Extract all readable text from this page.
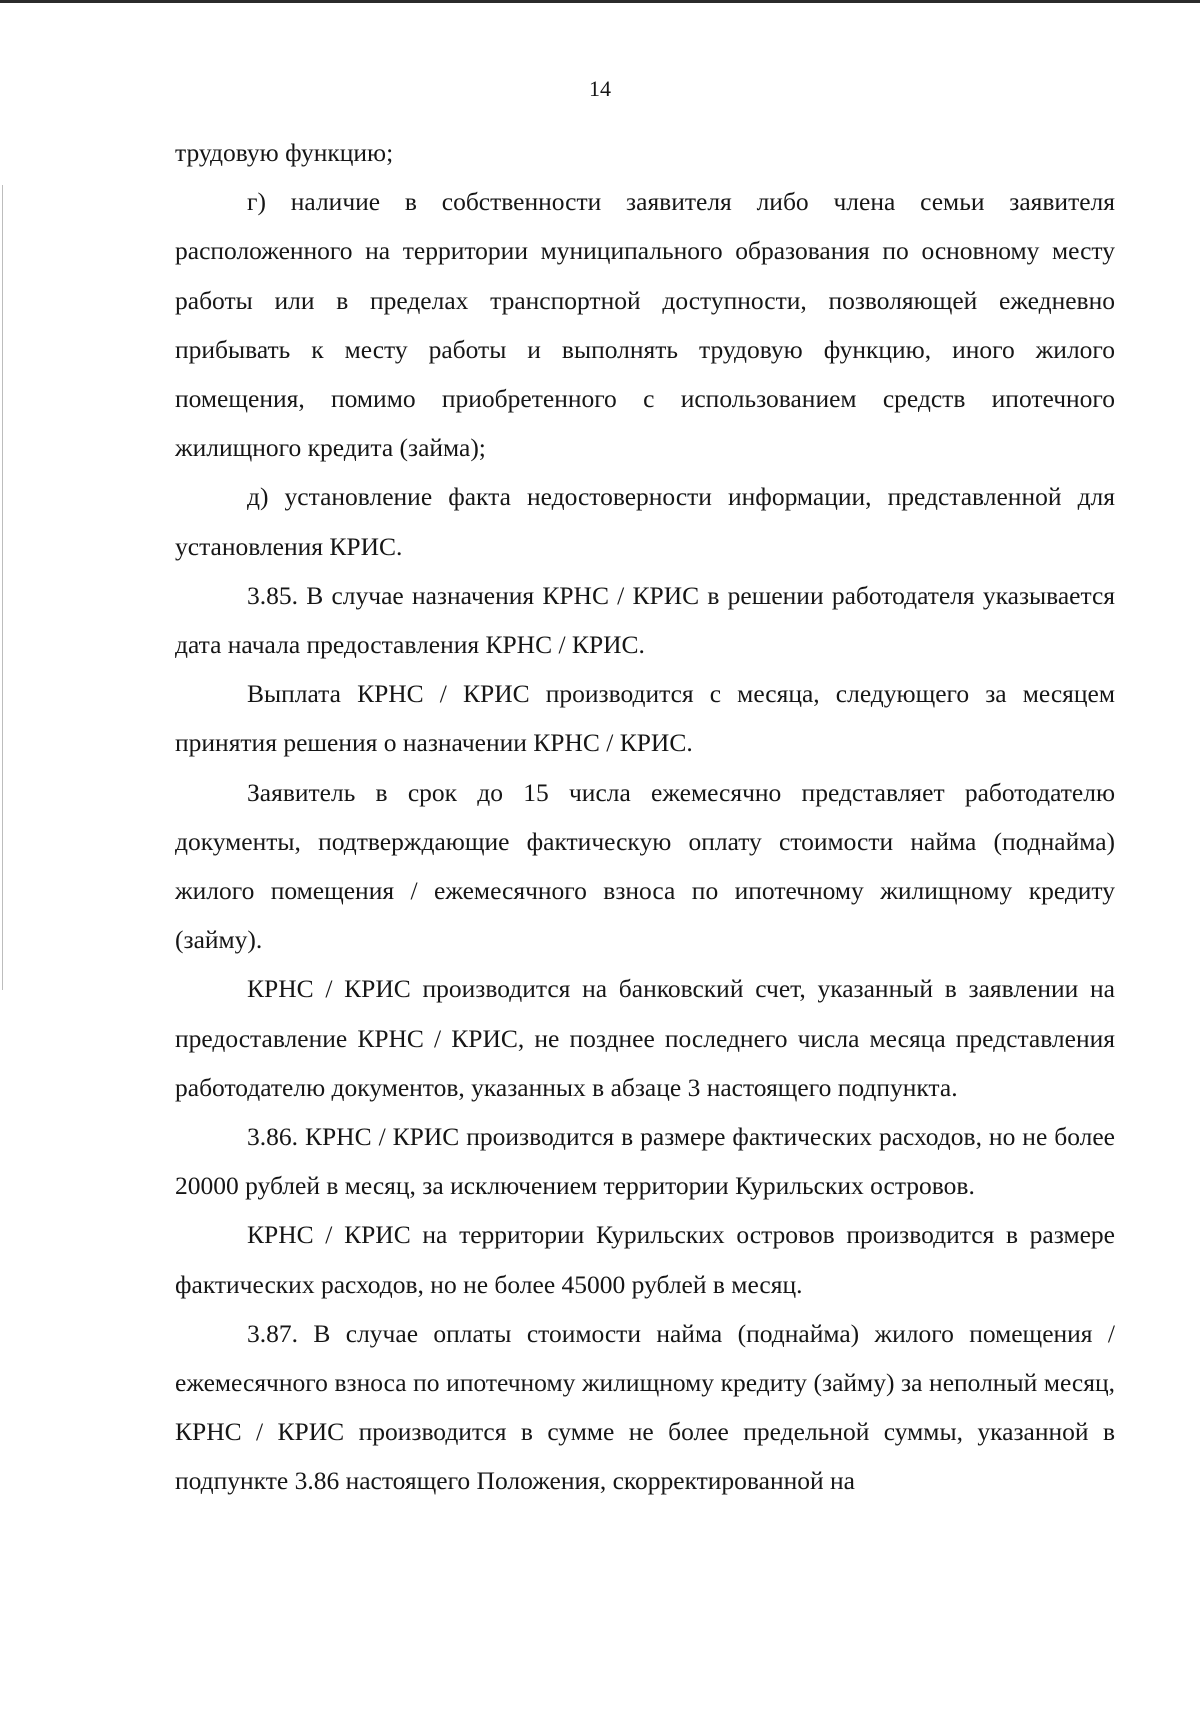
14

трудовую функцию;

г) наличие в собственности заявителя либо члена семьи заявителя расположенного на территории муниципального образования по основному месту работы или в пределах транспортной доступности, позволяющей ежедневно прибывать к месту работы и выполнять трудовую функцию, иного жилого помещения, помимо приобретенного с использованием средств ипотечного жилищного кредита (займа);

д) установление факта недостоверности информации, представленной для установления КРИС.

3.85. В случае назначения КРНС / КРИС в решении работодателя указывается дата начала предоставления КРНС / КРИС.

Выплата КРНС / КРИС производится с месяца, следующего за месяцем принятия решения о назначении КРНС / КРИС.

Заявитель в срок до 15 числа ежемесячно представляет работодателю документы, подтверждающие фактическую оплату стоимости найма (поднайма) жилого помещения / ежемесячного взноса по ипотечному жилищному кредиту (займу).

КРНС / КРИС производится на банковский счет, указанный в заявлении на предоставление КРНС / КРИС, не позднее последнего числа месяца представления работодателю документов, указанных в абзаце 3 настоящего подпункта.

3.86. КРНС / КРИС производится в размере фактических расходов, но не более 20000 рублей в месяц, за исключением территории Курильских островов.

КРНС / КРИС на территории Курильских островов производится в размере фактических расходов, но не более 45000 рублей в месяц.

3.87. В случае оплаты стоимости найма (поднайма) жилого помещения / ежемесячного взноса по ипотечному жилищному кредиту (займу) за неполный месяц, КРНС / КРИС производится в сумме не более предельной суммы, указанной в подпункте 3.86 настоящего Положения, скорректированной на
